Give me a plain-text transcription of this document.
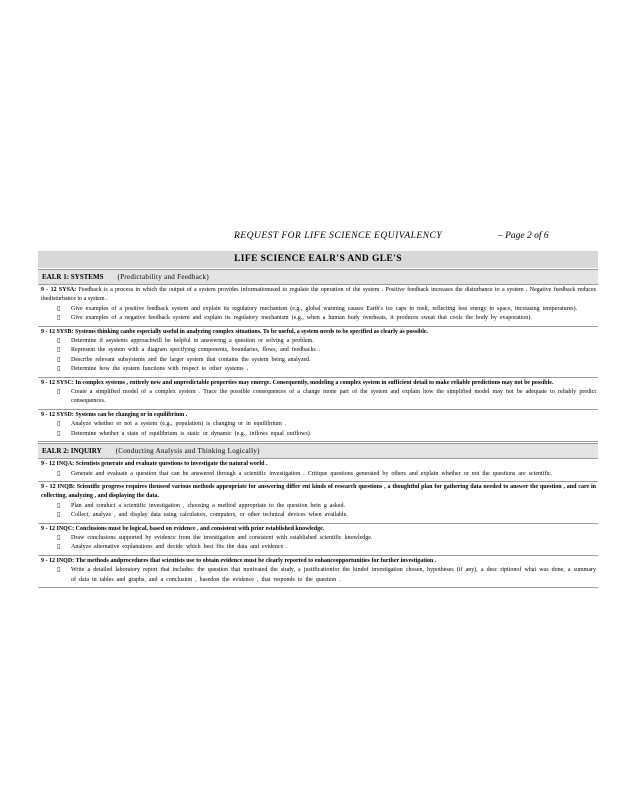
REQUEST FOR LIFE SCIENCE EQUIVALENCY	– Page 2 of 6
LIFE SCIENCE EALR'S AND GLE'S
EALR 1: SYSTEMS (Predictability and Feedback)
9 - 12 SYSA: Feedback is a process in which the output of a system provides informationused to regulate the operation of the system . Positive feedback increases the disturbance to a system . Negative feedback reduces thedisturbance to a system .
▯	Give examples of a positive feedback system and explain its regulatory mechanism (e.g., global warming causes Earth's ice caps to melt, reflecting less energy to space, increasing temperatures).
▯	Give examples of a negative feedback system and explain its regulatory mechanism (e.g., when a human body overheats, it produces sweat that cools the body by evaporation).
9 - 12 SYSB: Systems thinking canbe especially useful in analyzing complex situations. To be useful, a system needs to be specified as clearly as possible.
▯	Determine if asystems approachwill be helpful in answering a question or solving a problem.
▯	Represent the system with a diagram specifying components, boundaries, flows, and feedbacks .
▯	Describe relevant subsystems and the larger system that contains the system being analyzed.
▯	Determine how the system functions with respect to other systems .
9 - 12 SYSC: In complex systems , entirely new and unpredictable properties may emerge. Consequently, modeling a complex system in sufficient detail to make reliable predictions may not be possible.
▯	Create a simplified model of a complex system . Trace the possible consequences of a change inone part of the system and explain how the simplified model may not be adequate to reliably predict consequences.
9 - 12 SYSD: Systems can be changing or in equilibrium .
▯	Analyze whether or not a system (e.g., population) is changing or in equilibrium .
▯	Determine whether a state of equilibrium is static or dynamic (e.g., inflows equal outflows).
EALR 2: INQUIRY (Conducting Analysis and Thinking Logically)
9 - 12 INQA: Scientists generate and evaluate questions to investigate the natural world .
▯	Generate and evaluate a question that can be answered through a scientific investigation . Critique questions generated by others and explain whether or not the questions are scientific.
9 - 12 INQB: Scientific progress requires theuseof various methods appropriate for answering differ ent kinds of research questions , a thoughtful plan for gathering data needed to answer the question , and care in collecting, analyzing , and displaying the data.
▯	Plan and conduct a scientific investigation , choosing a method appropriate to the question bein g asked.
▯	Collect, analyze , and display data using calculators, computers, or other technical devices when available.
9 - 12 INQC: Conclusions must be logical, based on evidence , and consistent with prior established knowledge.
▯	Draw conclusions supported by evidence from the investigation and consistent with established scientific knowledge.
▯	Analyze alternative explanations and decide which best fits the data and evidence .
9 - 12 INQD: The methods andprocedures that scientists use to obtain evidence must be clearly reported to enhanceopportunities for further investigation .
▯	Write a detailed laboratory report that includes: the question that motivated the study, a justificationfor the kindof investigation chosen, hypotheses (if any), a desc riptionof what was done, a summary of data in tables and graphs, and a conclusion , basedon the evidence , that responds to the question .
